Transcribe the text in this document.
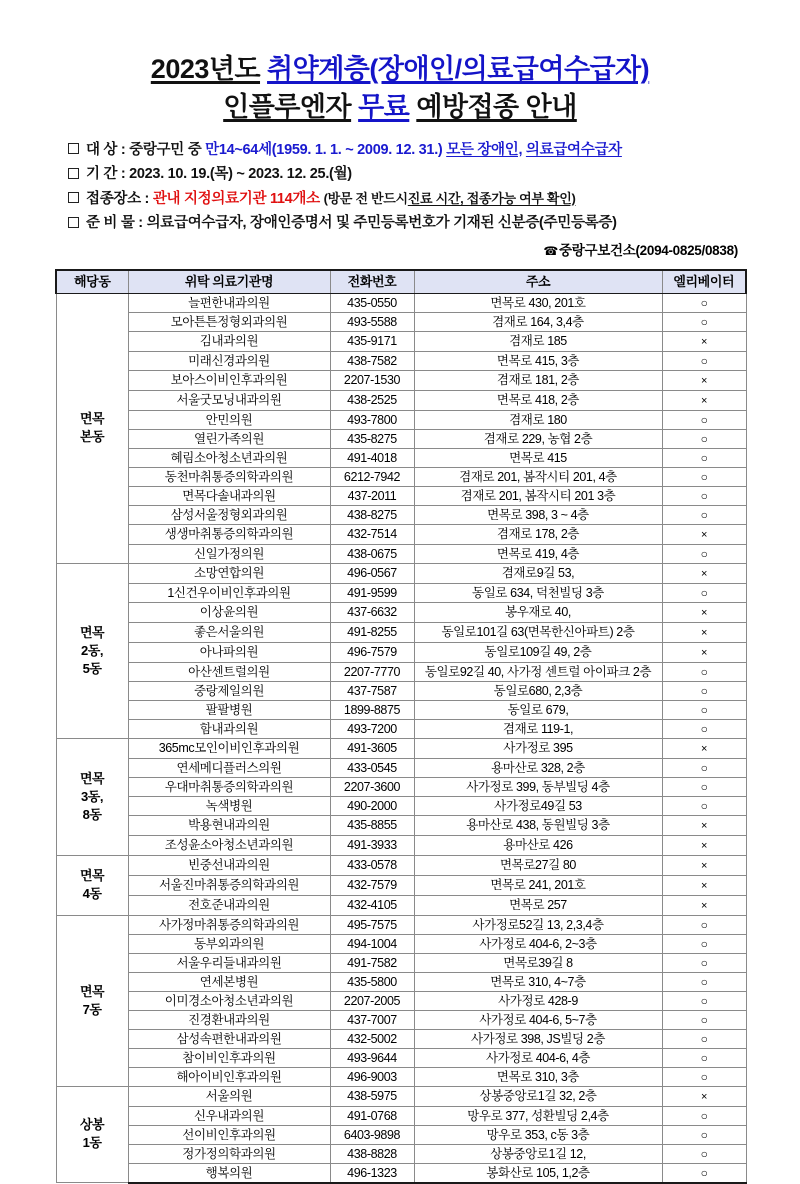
2023년도 취약계층(장애인/의료급여수급자)
인플루엔자 무료 예방접종 안내
대 상 : 중랑구민 중 만14~64세(1959. 1. 1. ~ 2009. 12. 31.) 모든 장애인, 의료급여수급자
기 간 : 2023. 10. 19.(목) ~ 2023. 12. 25.(월)
접종장소 : 관내 지정의료기관 114개소 (방문 전 반드시진료 시간, 접종가능 여부 확인)
준 비 물 : 의료급여수급자, 장애인증명서 및 주민등록번호가 기재된 신분증(주민등록증)
☎중랑구보건소(2094-0825/0838)
해당동	위탁 의료기관명	전화번호	주소	엘리베이터
면목
본동	늘편한내과의원	435-0550	면목로 430, 201호	○
	모아튼튼정형외과의원	493-5588	겸재로 164, 3,4층	○
	김내과의원	435-9171	겸재로 185	×
	미래신경과의원	438-7582	면목로 415, 3층	○
	보아스이비인후과의원	2207-1530	겸재로 181, 2층	×
	서울굿모닝내과의원	438-2525	면목로 418, 2층	×
	안민의원	493-7800	겸재로 180	○
	열린가족의원	435-8275	겸재로 229, 농협 2층	○
	혜림소아청소년과의원	491-4018	면목로 415	○
	동천마취통증의학과의원	6212-7942	겸재로 201, 봄작시티 201, 4층	○
	면목다솔내과의원	437-2011	겸재로 201, 봄작시티 201 3층	○
	삼성서울정형외과의원	438-8275	면목로 398, 3 ~ 4층	○
	생생마취통증의학과의원	432-7514	겸재로 178, 2층	×
	신일가정의원	438-0675	면목로 419, 4층	○
면목
2동,
5동	소망연합의원	496-0567	겸재로9길 53,	×
	1신건우이비인후과의원	491-9599	동일로 634, 덕천빌딩 3층	○
	이상윤의원	437-6632	봉우재로 40,	×
	좋은서울의원	491-8255	동일로101길 63(면목한신아파트) 2층	×
	아나파의원	496-7579	동일로109길 49, 2층	×
	아산센트럴의원	2207-7770	동일로92길 40, 사가정 센트럴 아이파크 2층	○
	중랑제일의원	437-7587	동일로680, 2,3층	○
	팔팔병원	1899-8875	동일로 679,	○
	함내과의원	493-7200	겸재로 119-1,	○
면목
3동,
8동	365mc모인이비인후과의원	491-3605	사가정로 395	×
	연세메디플러스의원	433-0545	용마산로 328, 2층	○
	우대마취통증의학과의원	2207-3600	사가정로 399, 동부빌딩 4층	○
	녹색병원	490-2000	사가정로49길 53	○
	박용현내과의원	435-8855	용마산로 438, 동원빌딩 3층	×
	조성윤소아청소년과의원	491-3933	용마산로 426	×
면목
4동	빈중선내과의원	433-0578	면목로27길 80	×
	서울진마취통증의학과의원	432-7579	면목로 241, 201호	×
	전호준내과의원	432-4105	면목로 257	×
면목
7동	사가정마취통증의학과의원	495-7575	사가정로52길 13, 2,3,4층	○
	동부외과의원	494-1004	사가정로 404-6, 2~3층	○
	서울우리들내과의원	491-7582	면목로39길 8	○
	연세본병원	435-5800	면목로 310, 4~7층	○
	이미경소아청소년과의원	2207-2005	사가정로 428-9	○
	진경환내과의원	437-7007	사가정로 404-6, 5~7층	○
	삼성속편한내과의원	432-5002	사가정로 398, JS빌딩 2층	○
	참이비인후과의원	493-9644	사가정로 404-6, 4층	○
	해아이비인후과의원	496-9003	면목로 310, 3층	○
상봉
1동	서울의원	438-5975	상봉중앙로1길 32, 2층	×
	신우내과의원	491-0768	망우로 377, 성환빌딩 2,4층	○
	선이비인후과의원	6403-9898	망우로 353, c동 3층	○
	정가정의학과의원	438-8828	상봉중앙로1길 12,	○
	행복의원	496-1323	봉화산로 105, 1,2층	○
